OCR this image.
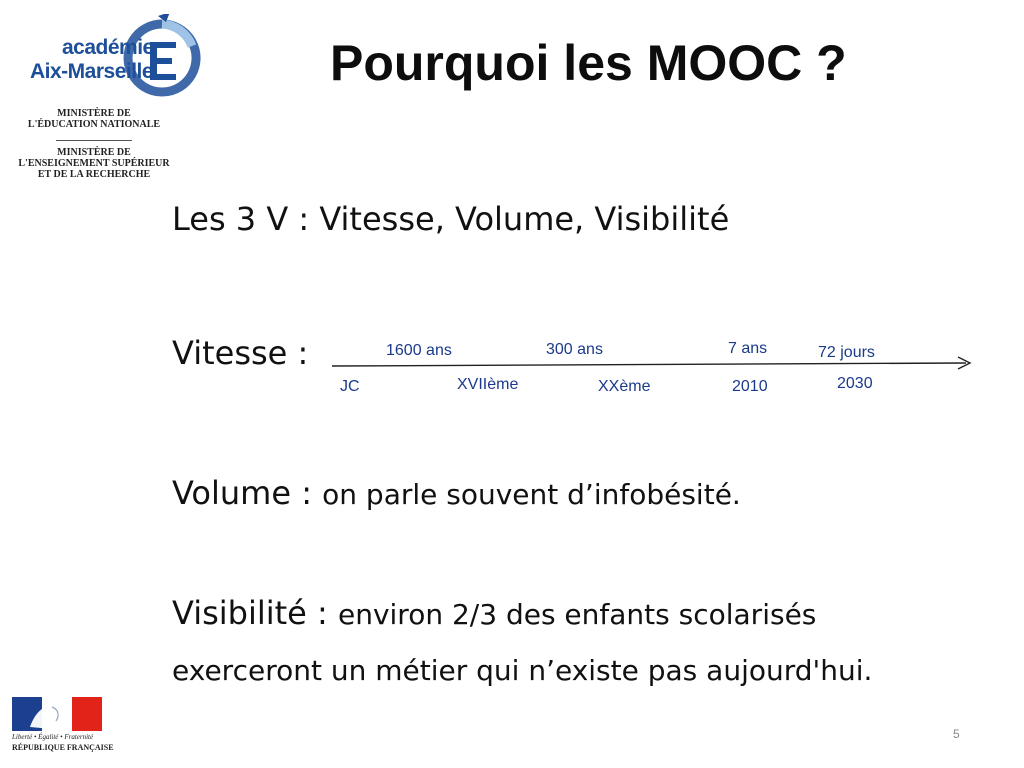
académie
Aix-Marseille
MINISTÈRE DE
L'ÉDUCATION NATIONALE
MINISTÈRE DE
L'ENSEIGNEMENT SUPÉRIEUR
ET DE LA RECHERCHE
Pourquoi les MOOC ?
Les 3 V : Vitesse, Volume, Visibilité
Vitesse :	1600 ans	300 ans	7 ans	72 jours
JC	XVIIème	XXème	2010	2030
Volume : on parle souvent d’infobésité.
Visibilité : environ 2/3 des enfants scolarisés
exerceront un métier qui n’existe pas aujourd'hui.
Liberté • Égalité • Fraternité
RÉPUBLIQUE FRANÇAISE
5
